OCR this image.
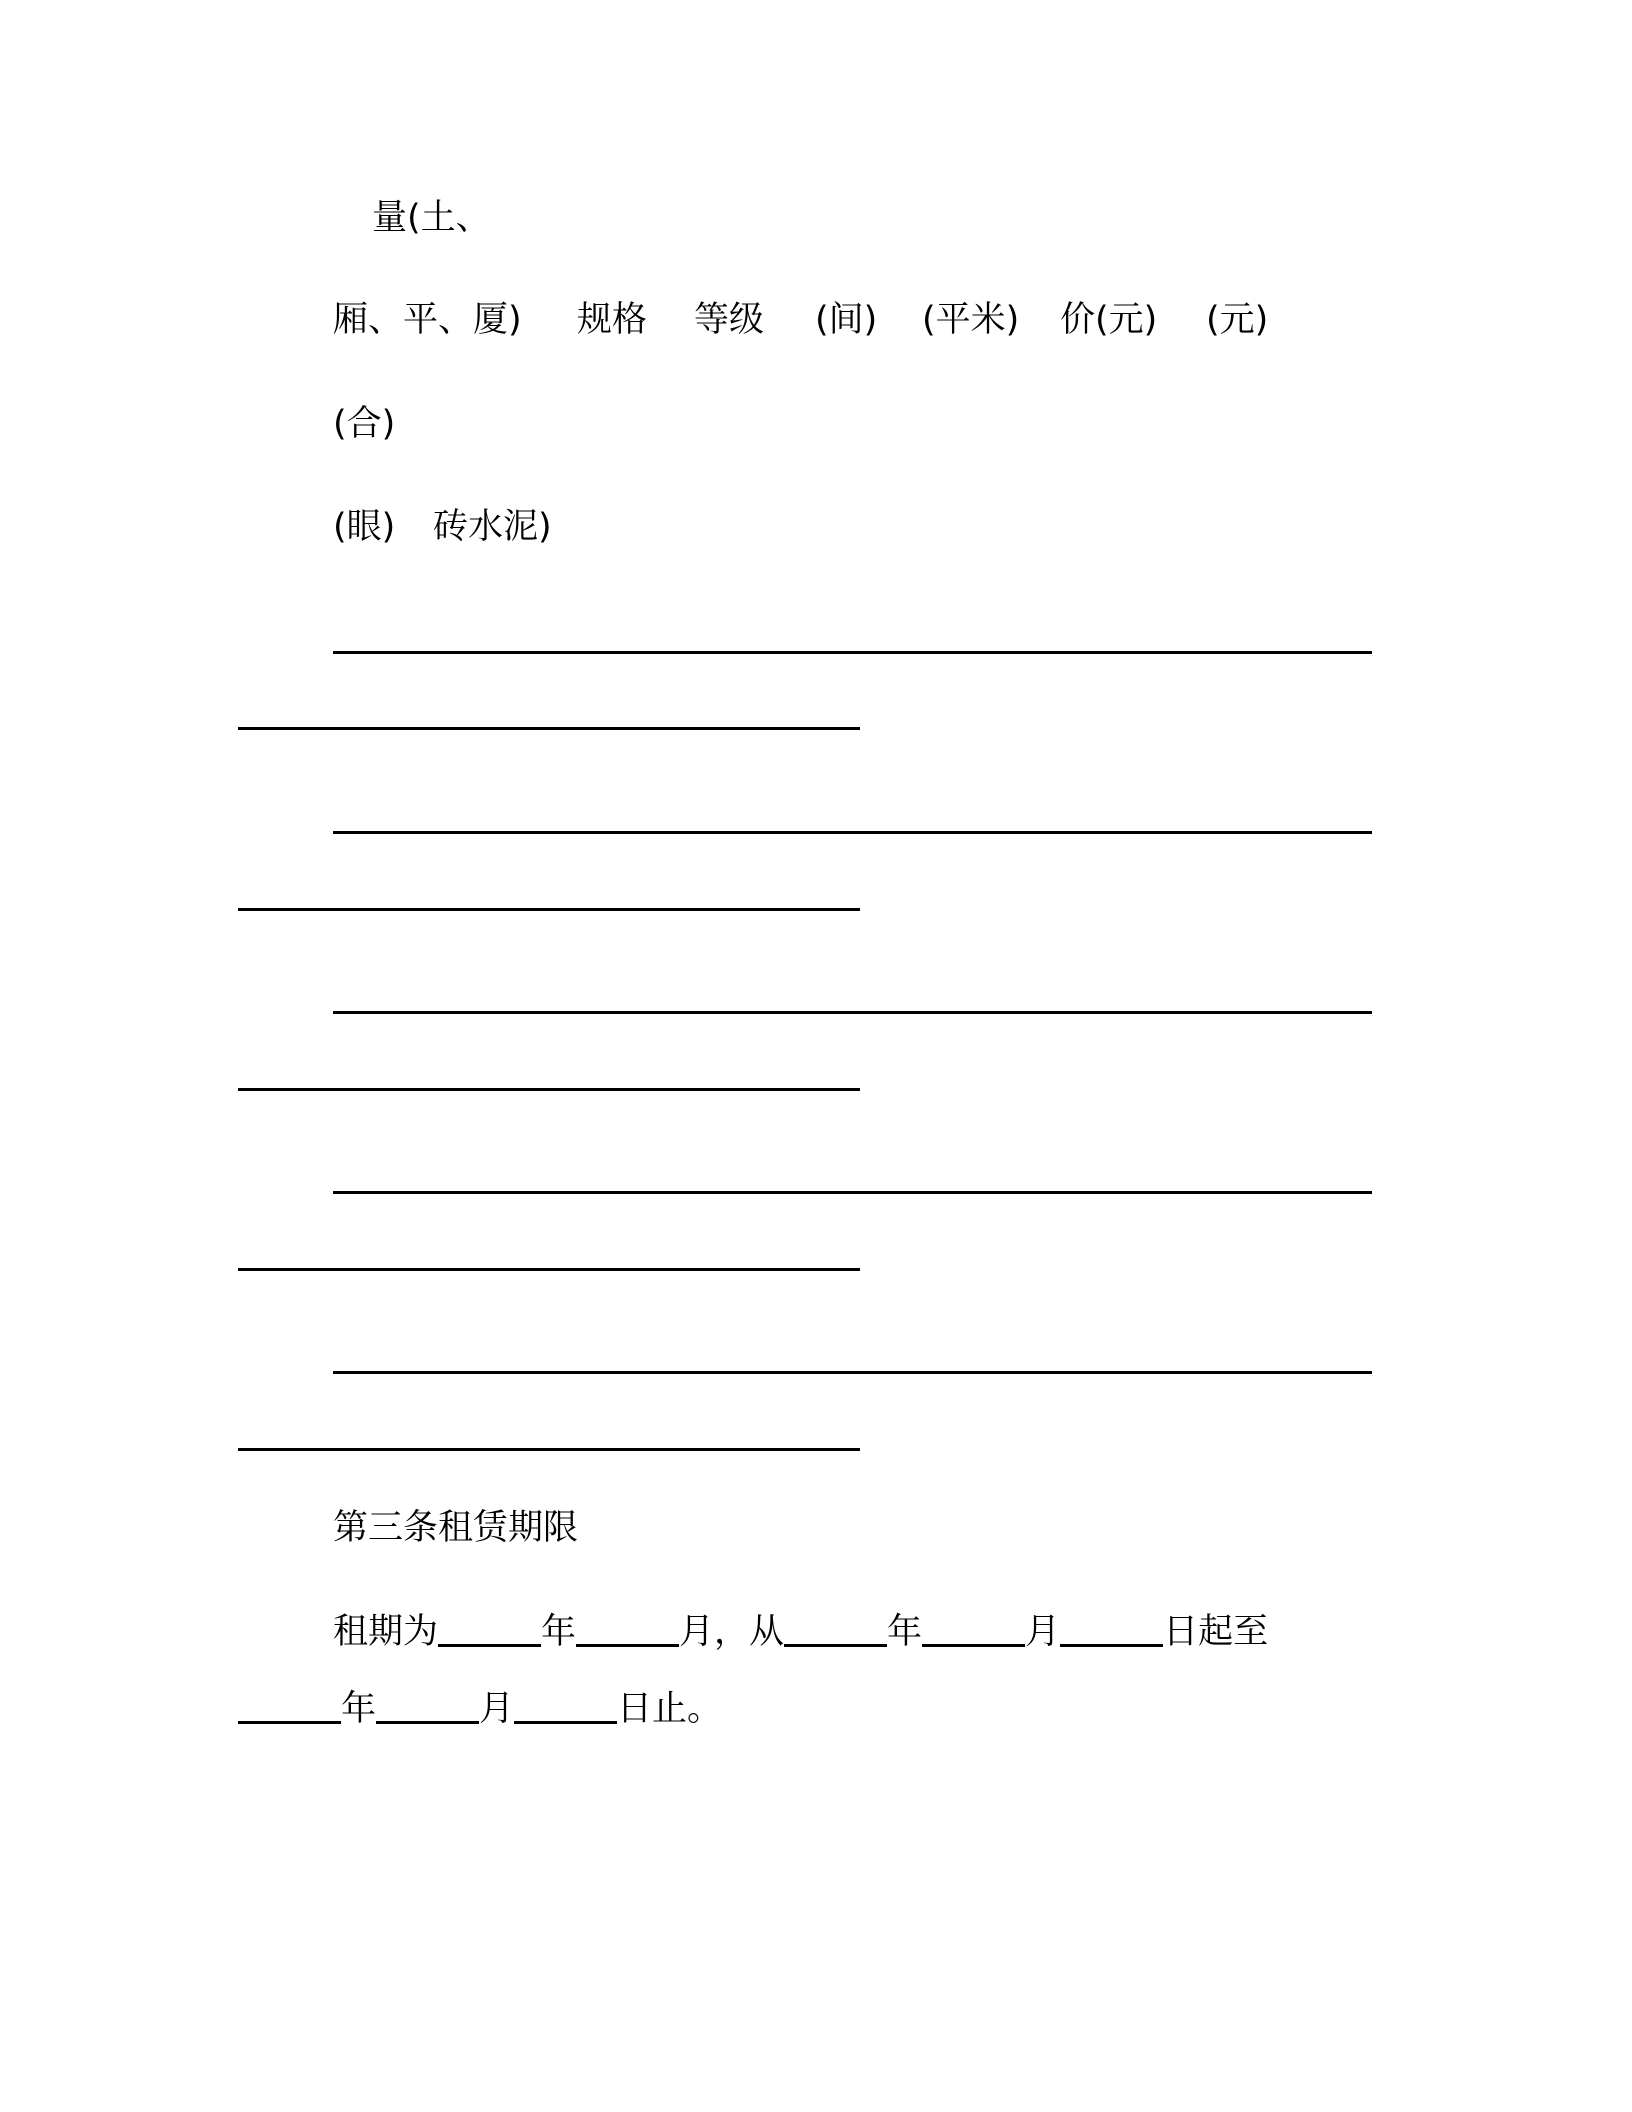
量(土、
厢、平、厦) 规格 等级 (间) (平米) 价(元) (元)
(合)
(眼) 砖水泥)
第三条租赁期限
租期为	年	月，从	年	月	日起至
年	月	日止。
